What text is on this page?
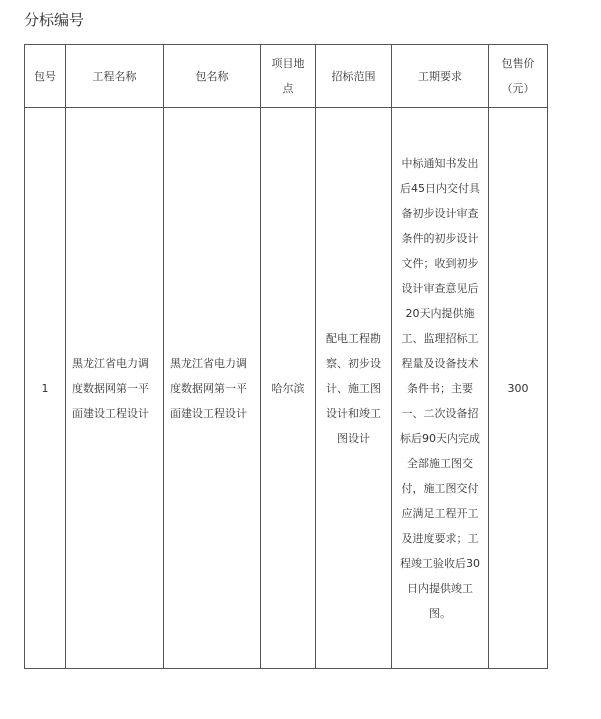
分标编号
包号	工程名称	包名称	项目地点	招标范围	工期要求	包售价（元）
1	黑龙江省电力调度数据网第一平面建设工程设计	黑龙江省电力调度数据网第一平面建设工程设计	哈尔滨	配电工程勘察、初步设计、施工图设计和竣工图设计	中标通知书发出后45日内交付具备初步设计审查条件的初步设计文件；收到初步设计审查意见后20天内提供施工、监理招标工程量及设备技术条件书；主要一、二次设备招标后90天内完成全部施工图交付，施工图交付应满足工程开工及进度要求；工程竣工验收后30日内提供竣工图。	300
